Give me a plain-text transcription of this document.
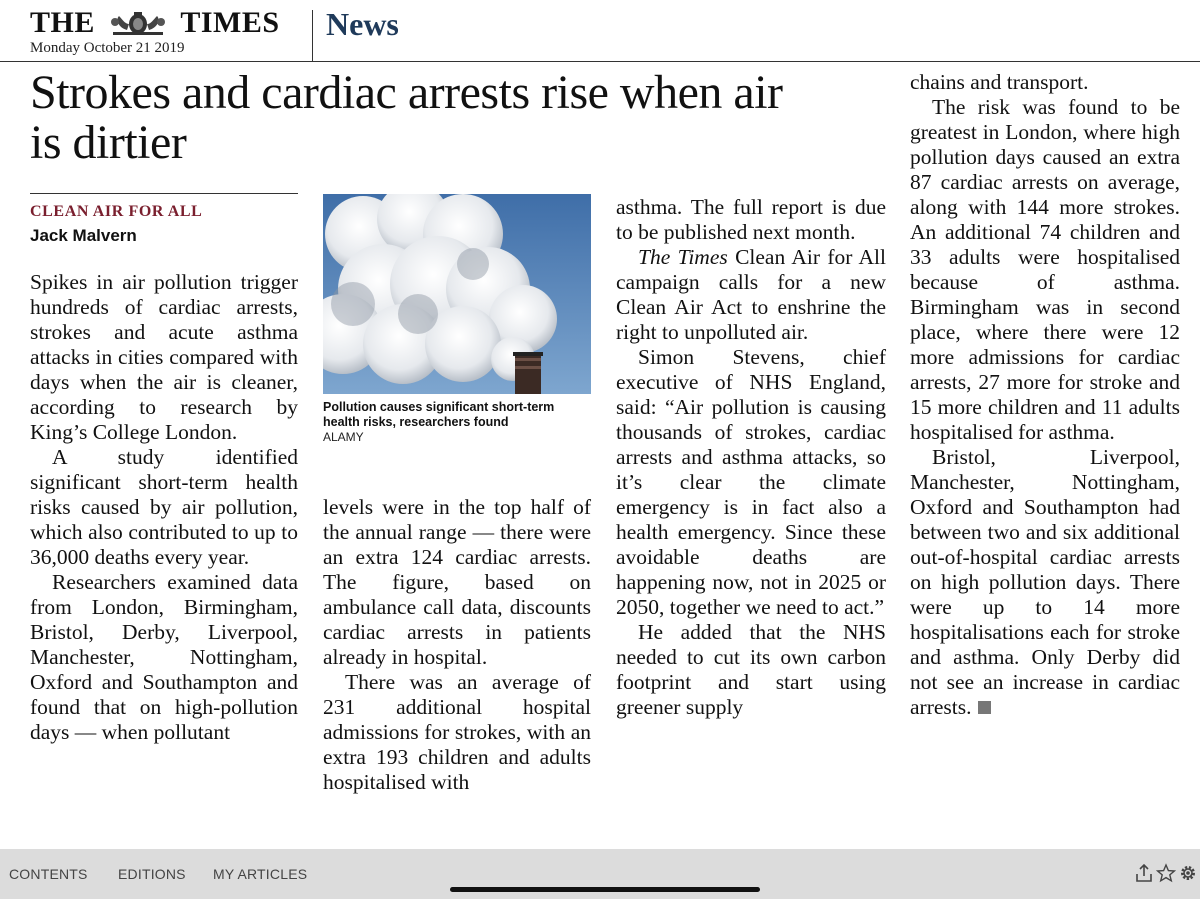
THE	TIMES
Monday October 21 2019
News
Strokes and cardiac arrests rise when air
is dirtier
CLEAN AIR FOR ALL
Jack Malvern

Spikes in air pollution trigger hundreds of cardiac arrests, strokes and acute asthma attacks in cities compared with days when the air is cleaner, according to research by King’s College London.

A study identified significant short-term health risks caused by air pollution, which also contributed to up to 36,000 deaths every year.

Researchers examined data from London, Birmingham, Bristol, Derby, Liverpool, Manchester, Nottingham, Oxford and Southampton and found that on high-pollution days — when pollutant

Pollution causes significant short-term health risks, researchers found
ALAMY

levels were in the top half of the annual range — there were an extra 124 cardiac arrests. The figure, based on ambulance call data, discounts cardiac arrests in patients already in hospital.

There was an average of 231 additional hospital admissions for strokes, with an extra 193 children and adults hospitalised with

asthma. The full report is due to be published next month.

The Times Clean Air for All campaign calls for a new Clean Air Act to enshrine the right to unpolluted air.

Simon Stevens, chief executive of NHS England, said: “Air pollution is causing thousands of strokes, cardiac arrests and asthma attacks, so it’s clear the climate emergency is in fact also a health emergency. Since these avoidable deaths are happening now, not in 2025 or 2050, together we need to act.”

He added that the NHS needed to cut its own carbon footprint and start using greener supply

chains and transport.

The risk was found to be greatest in London, where high pollution days caused an extra 87 cardiac arrests on average, along with 144 more strokes. An additional 74 children and 33 adults were hospitalised because of asthma. Birmingham was in second place, where there were 12 more admissions for cardiac arrests, 27 more for stroke and 15 more children and 11 adults hospitalised for asthma.

Bristol, Liverpool, Manchester, Nottingham, Oxford and Southampton had between two and six additional out-of-hospital cardiac arrests on high pollution days. There were up to 14 more hospitalisations each for stroke and asthma. Only Derby did not see an increase in cardiac arrests.

CONTENTS EDITIONS MY ARTICLES
